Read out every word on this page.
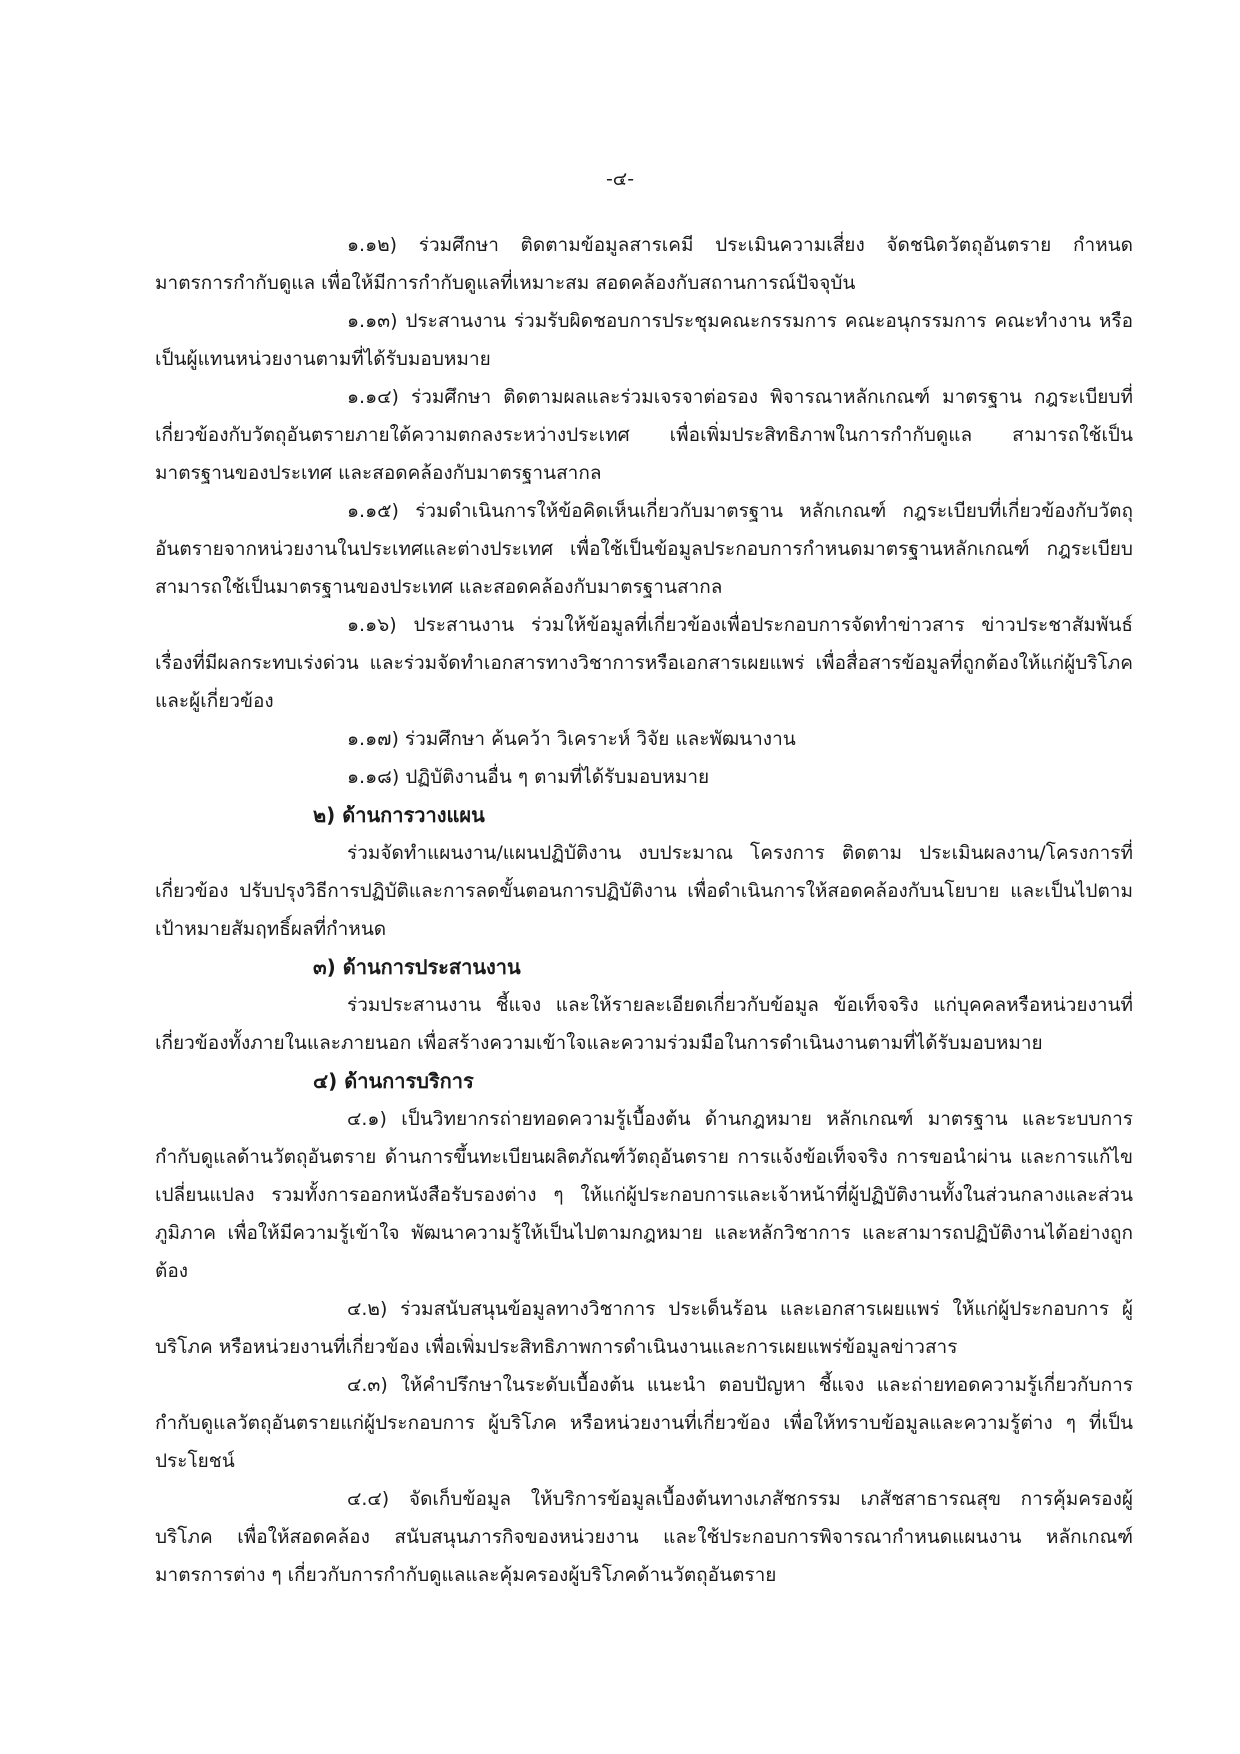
-๔-

๑.๑๒) ร่วมศึกษา ติดตามข้อมูลสารเคมี ประเมินความเสี่ยง จัดชนิดวัตถุอันตราย กำหนดมาตรการกำกับดูแล เพื่อให้มีการกำกับดูแลที่เหมาะสม สอดคล้องกับสถานการณ์ปัจจุบัน

๑.๑๓) ประสานงาน ร่วมรับผิดชอบการประชุมคณะกรรมการ คณะอนุกรรมการ คณะทำงาน หรือเป็นผู้แทนหน่วยงานตามที่ได้รับมอบหมาย

๑.๑๔) ร่วมศึกษา ติดตามผลและร่วมเจรจาต่อรอง พิจารณาหลักเกณฑ์ มาตรฐาน กฎระเบียบที่เกี่ยวข้องกับวัตถุอันตรายภายใต้ความตกลงระหว่างประเทศ เพื่อเพิ่มประสิทธิภาพในการกำกับดูแล สามารถใช้เป็นมาตรฐานของประเทศ และสอดคล้องกับมาตรฐานสากล

๑.๑๕) ร่วมดำเนินการให้ข้อคิดเห็นเกี่ยวกับมาตรฐาน หลักเกณฑ์ กฎระเบียบที่เกี่ยวข้องกับวัตถุอันตรายจากหน่วยงานในประเทศและต่างประเทศ เพื่อใช้เป็นข้อมูลประกอบการกำหนดมาตรฐานหลักเกณฑ์ กฎระเบียบ สามารถใช้เป็นมาตรฐานของประเทศ และสอดคล้องกับมาตรฐานสากล

๑.๑๖) ประสานงาน ร่วมให้ข้อมูลที่เกี่ยวข้องเพื่อประกอบการจัดทำข่าวสาร ข่าวประชาสัมพันธ์ เรื่องที่มีผลกระทบเร่งด่วน และร่วมจัดทำเอกสารทางวิชาการหรือเอกสารเผยแพร่ เพื่อสื่อสารข้อมูลที่ถูกต้องให้แก่ผู้บริโภคและผู้เกี่ยวข้อง

๑.๑๗) ร่วมศึกษา ค้นคว้า วิเคราะห์ วิจัย และพัฒนางาน

๑.๑๘) ปฏิบัติงานอื่น ๆ ตามที่ได้รับมอบหมาย

๒) ด้านการวางแผน

ร่วมจัดทำแผนงาน/แผนปฏิบัติงาน งบประมาณ โครงการ ติดตาม ประเมินผลงาน/โครงการที่เกี่ยวข้อง ปรับปรุงวิธีการปฏิบัติและการลดขั้นตอนการปฏิบัติงาน เพื่อดำเนินการให้สอดคล้องกับนโยบาย และเป็นไปตามเป้าหมายสัมฤทธิ์ผลที่กำหนด

๓) ด้านการประสานงาน

ร่วมประสานงาน ชี้แจง และให้รายละเอียดเกี่ยวกับข้อมูล ข้อเท็จจริง แก่บุคคลหรือหน่วยงานที่เกี่ยวข้องทั้งภายในและภายนอก เพื่อสร้างความเข้าใจและความร่วมมือในการดำเนินงานตามที่ได้รับมอบหมาย

๔) ด้านการบริการ

๔.๑) เป็นวิทยากรถ่ายทอดความรู้เบื้องต้น ด้านกฎหมาย หลักเกณฑ์ มาตรฐาน และระบบการกำกับดูแลด้านวัตถุอันตราย ด้านการขึ้นทะเบียนผลิตภัณฑ์วัตถุอันตราย การแจ้งข้อเท็จจริง การขอนำผ่าน และการแก้ไขเปลี่ยนแปลง รวมทั้งการออกหนังสือรับรองต่าง ๆ ให้แก่ผู้ประกอบการและเจ้าหน้าที่ผู้ปฏิบัติงานทั้งในส่วนกลางและส่วนภูมิภาค เพื่อให้มีความรู้เข้าใจ พัฒนาความรู้ให้เป็นไปตามกฎหมาย และหลักวิชาการ และสามารถปฏิบัติงานได้อย่างถูกต้อง

๔.๒) ร่วมสนับสนุนข้อมูลทางวิชาการ ประเด็นร้อน และเอกสารเผยแพร่ ให้แก่ผู้ประกอบการ ผู้บริโภค หรือหน่วยงานที่เกี่ยวข้อง เพื่อเพิ่มประสิทธิภาพการดำเนินงานและการเผยแพร่ข้อมูลข่าวสาร

๔.๓) ให้คำปรึกษาในระดับเบื้องต้น แนะนำ ตอบปัญหา ชี้แจง และถ่ายทอดความรู้เกี่ยวกับการกำกับดูแลวัตถุอันตรายแก่ผู้ประกอบการ ผู้บริโภค หรือหน่วยงานที่เกี่ยวข้อง เพื่อให้ทราบข้อมูลและความรู้ต่าง ๆ ที่เป็นประโยชน์

๔.๔) จัดเก็บข้อมูล ให้บริการข้อมูลเบื้องต้นทางเภสัชกรรม เภสัชสาธารณสุข การคุ้มครองผู้บริโภค เพื่อให้สอดคล้อง สนับสนุนภารกิจของหน่วยงาน และใช้ประกอบการพิจารณากำหนดแผนงาน หลักเกณฑ์ มาตรการต่าง ๆ เกี่ยวกับการกำกับดูแลและคุ้มครองผู้บริโภคด้านวัตถุอันตราย
